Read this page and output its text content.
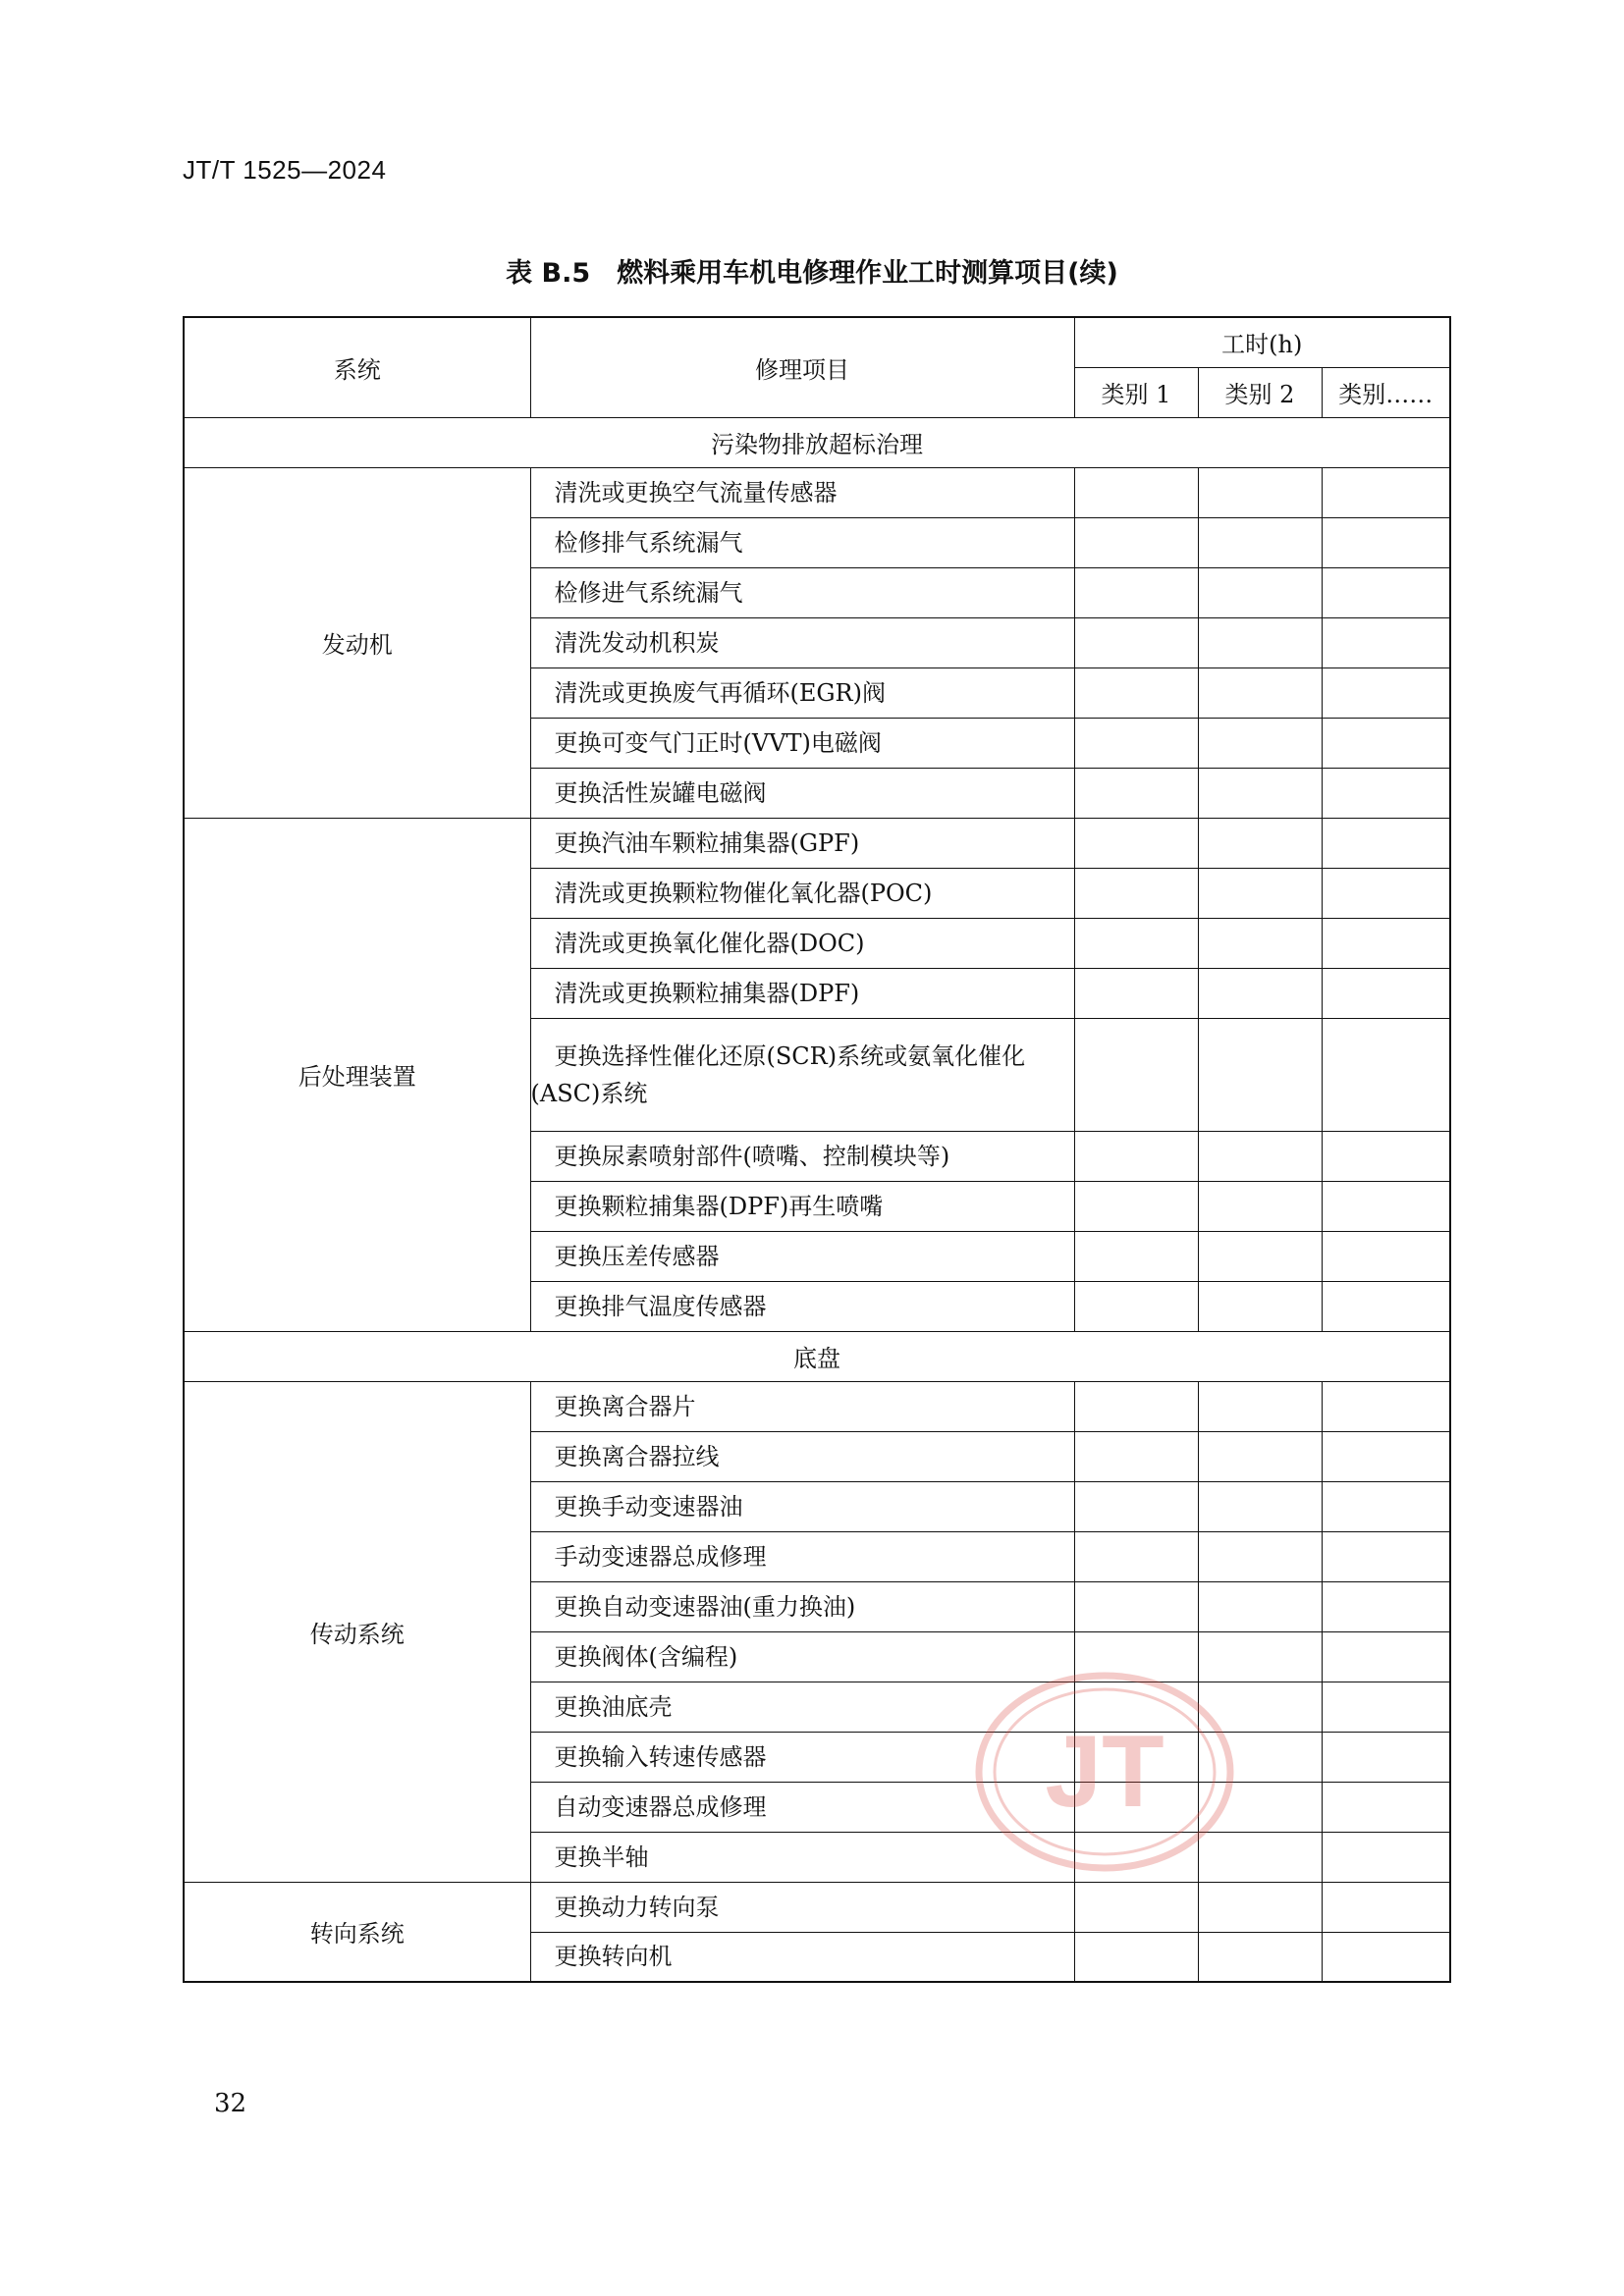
JT/T 1525—2024
表 B.5　燃料乘用车机电修理作业工时测算项目(续)
系统	修理项目	工时(h)		
		类别 1	类别 2	类别……
污染物排放超标治理				
发动机	清洗或更换空气流量传感器			
	检修排气系统漏气			
	检修进气系统漏气			
	清洗发动机积炭			
	清洗或更换废气再循环(EGR)阀			
	更换可变气门正时(VVT)电磁阀			
	更换活性炭罐电磁阀			
后处理装置	更换汽油车颗粒捕集器(GPF)			
	清洗或更换颗粒物催化氧化器(POC)			
	清洗或更换氧化催化器(DOC)			
	清洗或更换颗粒捕集器(DPF)			
	更换选择性催化还原(SCR)系统或氨氧化催化(ASC)系统			
	更换尿素喷射部件(喷嘴、控制模块等)			
	更换颗粒捕集器(DPF)再生喷嘴			
	更换压差传感器			
	更换排气温度传感器			
底盘				
传动系统	更换离合器片			
	更换离合器拉线			
	更换手动变速器油			
	手动变速器总成修理			
	更换自动变速器油(重力换油)			
	更换阀体(含编程)			
	更换油底壳			
	更换输入转速传感器			
	自动变速器总成修理			
	更换半轴			
转向系统	更换动力转向泵			
	更换转向机			
JT
32
